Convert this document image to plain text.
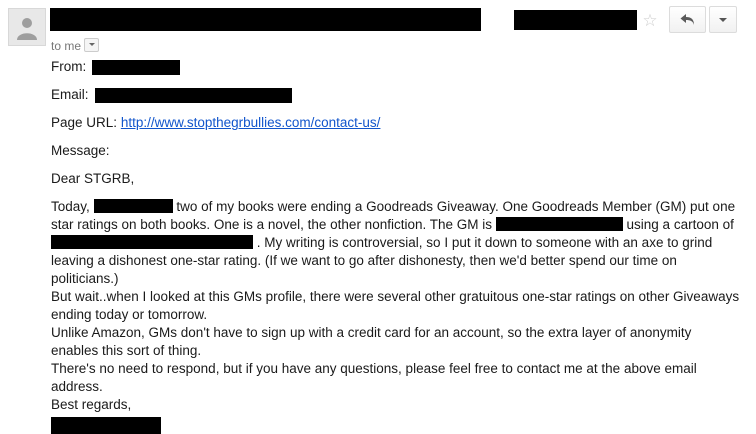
☆
to me
From:
Email:
Page URL: http://www.stopthegrbullies.com/contact-us/
Message:
Dear STGRB,

Today,	two of my books were ending a Goodreads Giveaway. One Goodreads Member (GM) put one star ratings on both books. One is a novel, the other nonfiction. The GM is	using a cartoon of  . My writing is controversial, so I put it down to someone with an axe to grind leaving a dishonest one-star rating. (If we want to go after dishonesty, then we'd better spend our time on politicians.)

But wait..when I looked at this GMs profile, there were several other gratuitous one-star ratings on other Giveaways ending today or tomorrow.

Unlike Amazon, GMs don't have to sign up with a credit card for an account, so the extra layer of anonymity enables this sort of thing.

There's no need to respond, but if you have any questions, please feel free to contact me at the above email address.

Best regards,
